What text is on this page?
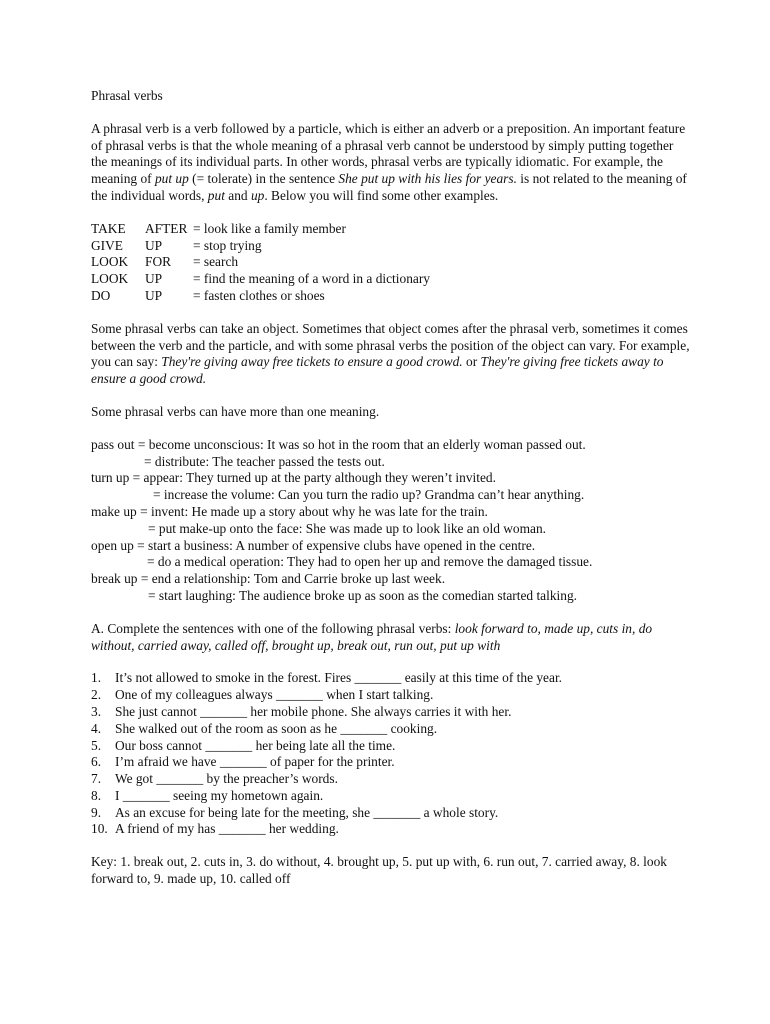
Phrasal verbs

A phrasal verb is a verb followed by a particle, which is either an adverb or a preposition. An important feature of phrasal verbs is that the whole meaning of a phrasal verb cannot be understood by simply putting together the meanings of its individual parts. In other words, phrasal verbs are typically idiomatic. For example, the meaning of put up (= tolerate) in the sentence She put up with his lies for years. is not related to the meaning of the individual words, put and up. Below you will find some other examples.

TAKE	AFTER = look like a family member
GIVE	UP	= stop trying
LOOK	FOR	= search
LOOK	UP	= find the meaning of a word in a dictionary
DO	UP	= fasten clothes or shoes

Some phrasal verbs can take an object. Sometimes that object comes after the phrasal verb, sometimes it comes between the verb and the particle, and with some phrasal verbs the position of the object can vary. For example, you can say: They're giving away free tickets to ensure a good crowd. or They're giving free tickets away to ensure a good crowd.

Some phrasal verbs can have more than one meaning.

pass out = become unconscious: It was so hot in the room that an elderly woman passed out.
= distribute: The teacher passed the tests out.
turn up = appear: They turned up at the party although they weren’t invited.
= increase the volume: Can you turn the radio up? Grandma can’t hear anything.
make up = invent: He made up a story about why he was late for the train.
= put make-up onto the face: She was made up to look like an old woman.
open up = start a business: A number of expensive clubs have opened in the centre.
= do a medical operation: They had to open her up and remove the damaged tissue.
break up = end a relationship: Tom and Carrie broke up last week.
= start laughing: The audience broke up as soon as the comedian started talking.

A. Complete the sentences with one of the following phrasal verbs: look forward to, made up, cuts in, do without, carried away, called off, brought up, break out, run out, put up with

1.	It’s not allowed to smoke in the forest. Fires _______ easily at this time of the year.
2.	One of my colleagues always _______ when I start talking.
3.	She just cannot _______ her mobile phone. She always carries it with her.
4.	She walked out of the room as soon as he _______ cooking.
5.	Our boss cannot _______ her being late all the time.
6.	I’m afraid we have _______ of paper for the printer.
7.	We got _______ by the preacher’s words.
8.	I _______ seeing my hometown again.
9.	As an excuse for being late for the meeting, she _______ a whole story.
10. A friend of my has _______ her wedding.

Key: 1. break out, 2. cuts in, 3. do without, 4. brought up, 5. put up with, 6. run out, 7. carried away, 8. look forward to, 9. made up, 10. called off
